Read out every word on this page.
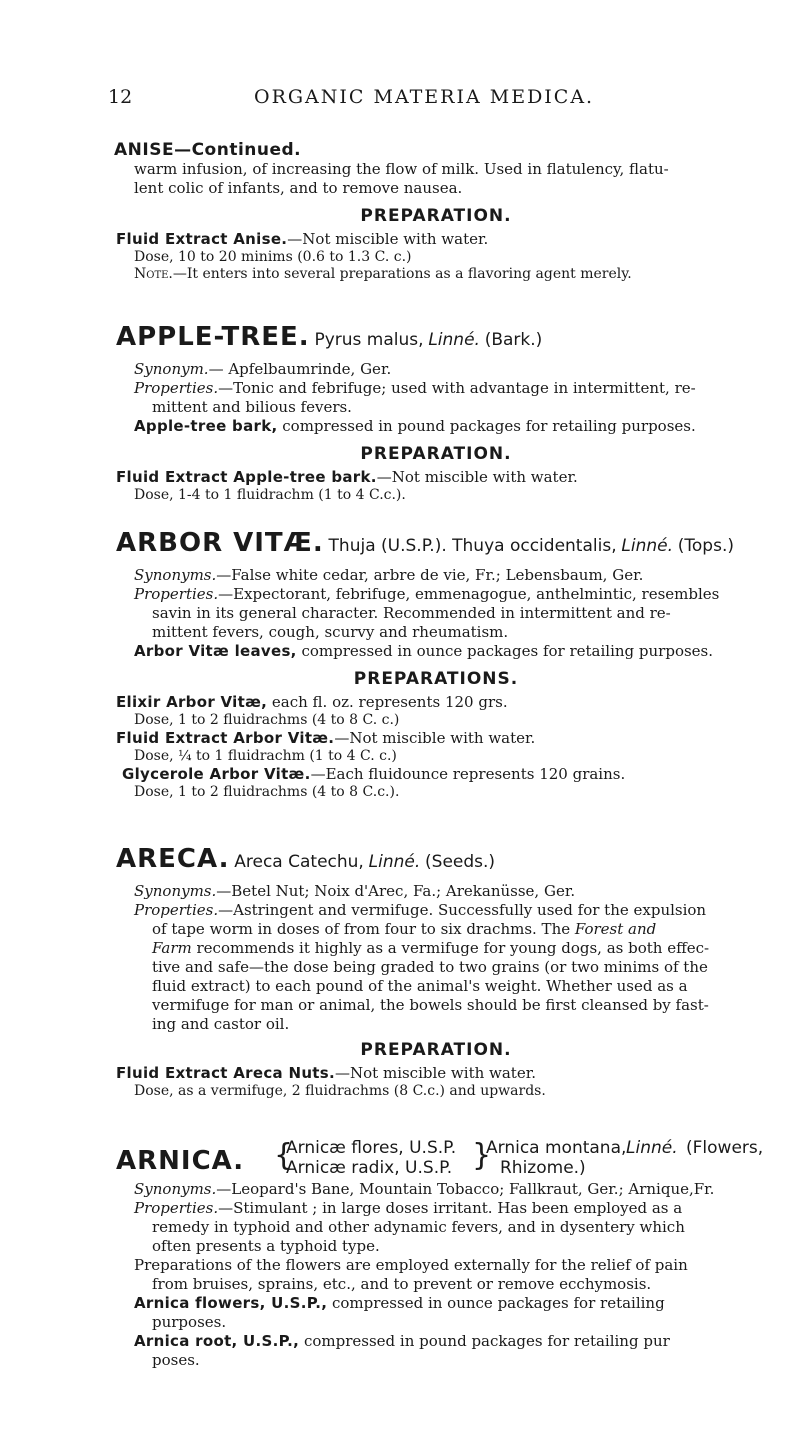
12	ORGANIC MATERIA MEDICA.
ANISE—Continued.
warm infusion, of increasing the flow of milk. Used in flatulency, flatu-
lent colic of infants, and to remove nausea.
PREPARATION.
Fluid Extract Anise.—Not miscible with water.
Dose, 10 to 20 minims (0.6 to 1.3 C. c.)
Note.—It enters into several preparations as a flavoring agent merely.
APPLE-TREE. Pyrus malus, Linné. (Bark.)
Synonym.— Apfelbaumrinde, Ger.
Properties.—Tonic and febrifuge; used with advantage in intermittent, re-
mittent and bilious fevers.
Apple-tree bark, compressed in pound packages for retailing purposes.
PREPARATION.
Fluid Extract Apple-tree bark.—Not miscible with water.
Dose, 1-4 to 1 fluidrachm (1 to 4 C.c.).
ARBOR VITÆ. Thuja (U.S.P.). Thuya occidentalis, Linné. (Tops.)
Synonyms.—False white cedar, arbre de vie, Fr.; Lebensbaum, Ger.
Properties.—Expectorant, febrifuge, emmenagogue, anthelmintic, resembles
savin in its general character. Recommended in intermittent and re-
mittent fevers, cough, scurvy and rheumatism.
Arbor Vitæ leaves, compressed in ounce packages for retailing purposes.
PREPARATIONS.
Elixir Arbor Vitæ, each fl. oz. represents 120 grs.
Dose, 1 to 2 fluidrachms (4 to 8 C. c.)
Fluid Extract Arbor Vitæ.—Not miscible with water.
Dose, ¼ to 1 fluidrachm (1 to 4 C. c.)
Glycerole Arbor Vitæ.—Each fluidounce represents 120 grains.
Dose, 1 to 2 fluidrachms (4 to 8 C.c.).
ARECA. Areca Catechu, Linné. (Seeds.)
Synonyms.—Betel Nut; Noix d'Arec, Fa.; Arekanüsse, Ger.
Properties.—Astringent and vermifuge. Successfully used for the expulsion
of tape worm in doses of from four to six drachms. The Forest and
Farm recommends it highly as a vermifuge for young dogs, as both effec-
tive and safe—the dose being graded to two grains (or two minims of the
fluid extract) to each pound of the animal's weight. Whether used as a
vermifuge for man or animal, the bowels should be first cleansed by fast-
ing and castor oil.
PREPARATION.
Fluid Extract Areca Nuts.—Not miscible with water.
Dose, as a vermifuge, 2 fluidrachms (8 C.c.) and upwards.
ARNICA. {
Arnicæ flores, U.S.P.
Arnicæ radix, U.S.P. }
Arnica montana, Linné. (Flowers,
Rhizome.)
Synonyms.—Leopard's Bane, Mountain Tobacco; Fallkraut, Ger.; Arnique,Fr.
Properties.—Stimulant ; in large doses irritant. Has been employed as a
remedy in typhoid and other adynamic fevers, and in dysentery which
often presents a typhoid type.
Preparations of the flowers are employed externally for the relief of pain
from bruises, sprains, etc., and to prevent or remove ecchymosis.
Arnica flowers, U.S.P., compressed in ounce packages for retailing
purposes.
Arnica root, U.S.P., compressed in pound packages for retailing pur
poses.
